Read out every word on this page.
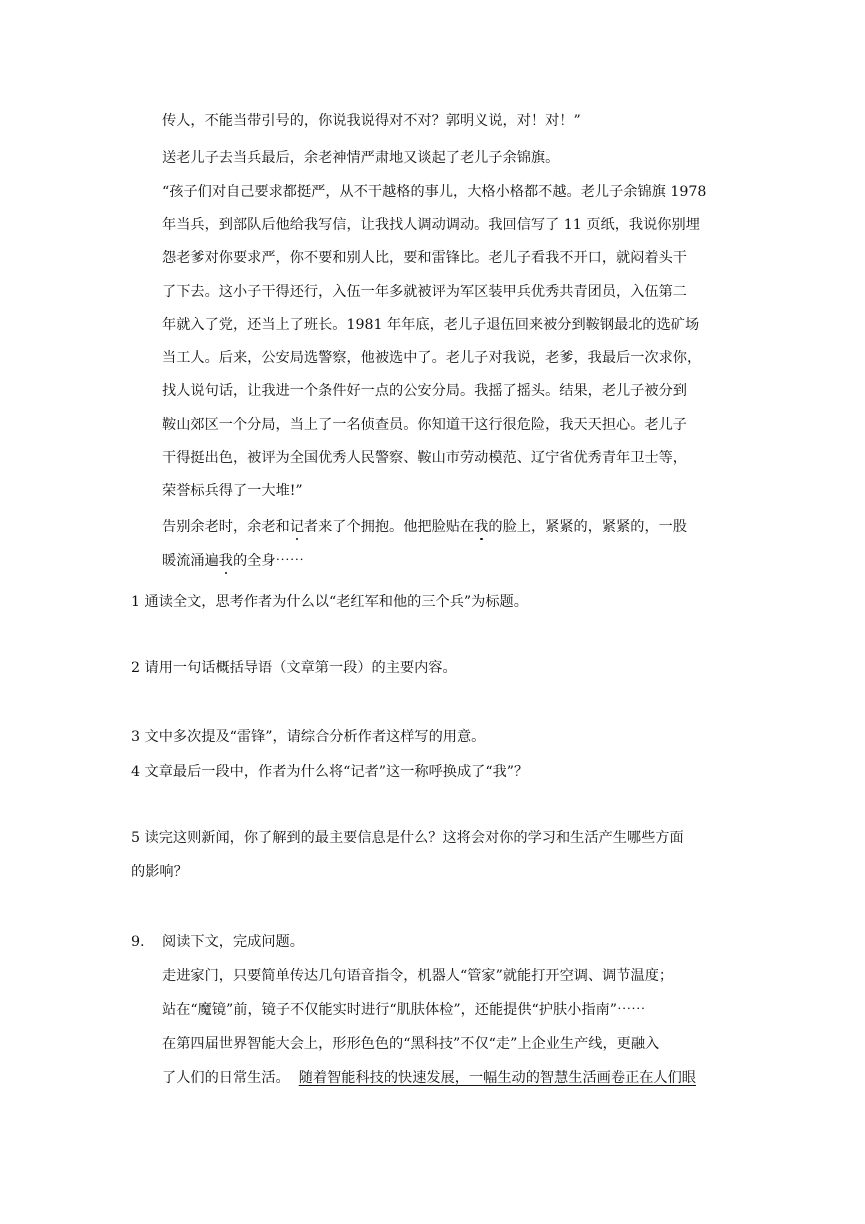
传人，不能当带引号的，你说我说得对不对？郭明义说，对！对！”
送老儿子去当兵最后，余老神情严肃地又谈起了老儿子余锦旗。
“孩子们对自己要求都挺严，从不干越格的事儿，大格小格都不越。老儿子余锦旗 1978
年当兵，到部队后他给我写信，让我找人调动调动。我回信写了 11 页纸，我说你别埋
怨老爹对你要求严，你不要和别人比，要和雷锋比。老儿子看我不开口，就闷着头干
了下去。这小子干得还行，入伍一年多就被评为军区装甲兵优秀共青团员，入伍第二
年就入了党，还当上了班长。1981 年年底，老儿子退伍回来被分到鞍钢最北的选矿场
当工人。后来，公安局选警察，他被选中了。老儿子对我说，老爹，我最后一次求你，
找人说句话，让我进一个条件好一点的公安分局。我摇了摇头。结果，老儿子被分到
鞍山郊区一个分局，当上了一名侦查员。你知道干这行很危险，我天天担心。老儿子
干得挺出色，被评为全国优秀人民警察、鞍山市劳动模范、辽宁省优秀青年卫士等，
荣誉标兵得了一大堆!”
告别余老时，余老和记者来了个拥抱。他把脸贴在我的脸上，紧紧的，紧紧的，一股
暖流涌遍我的全身⋯⋯
1 通读全文，思考作者为什么以“老红军和他的三个兵”为标题。
2 请用一句话概括导语（文章第一段）的主要内容。
3 文中多次提及“雷锋”，请综合分析作者这样写的用意。
4 文章最后一段中，作者为什么将“记者”这一称呼换成了“我”？
5 读完这则新闻，你了解到的最主要信息是什么？这将会对你的学习和生活产生哪些方面
的影响？
9. 阅读下文，完成问题。
走进家门，只要简单传达几句语音指令，机器人“管家”就能打开空调、调节温度；
站在“魔镜”前，镜子不仅能实时进行“肌肤体检”，还能提供“护肤小指南”⋯⋯
在第四届世界智能大会上，形形色色的“黑科技”不仅“走”上企业生产线，更融入
了人们的日常生活。 随着智能科技的快速发展，一幅生动的智慧生活画卷正在人们眼
